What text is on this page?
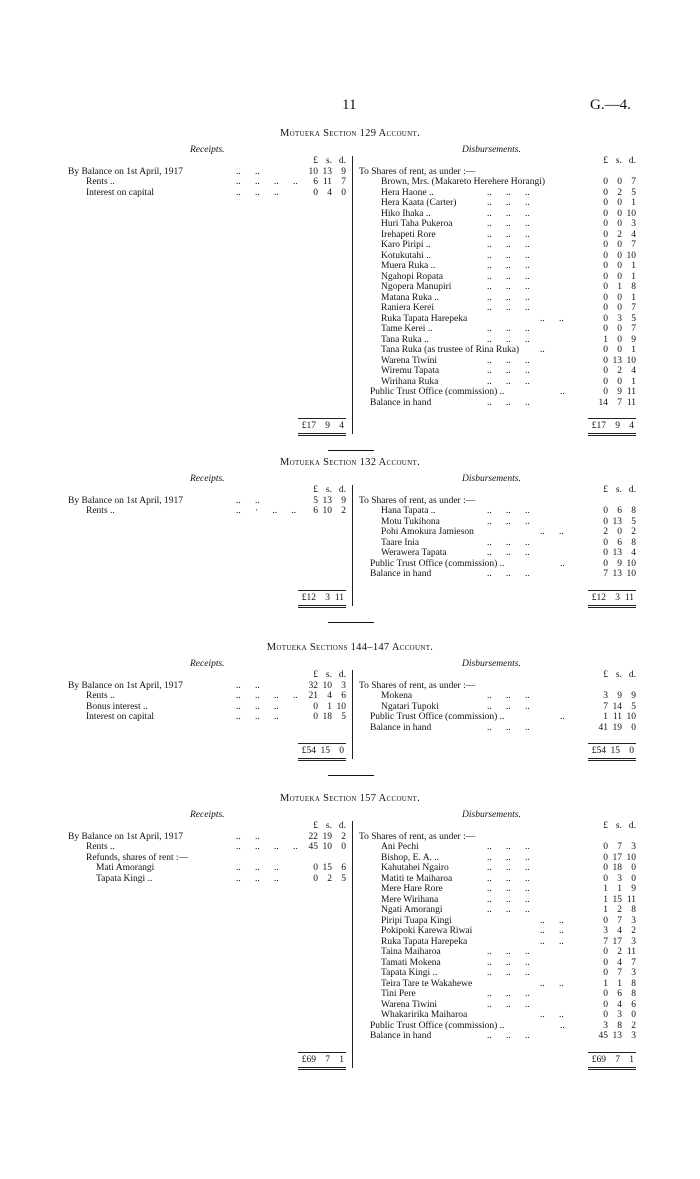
11	G.—4.
Motueka Section 129 Account.
Receipts.	Disbursements.
£ s. d.	£ s. d.
By Balance on 1st April, 1917	..      ..	10 13 9
Rents ..	..      ..      ..      ..	6 11 7
Interest on capital	..      ..      ..	0 4 0
To Shares of rent, as under :—
Brown, Mrs. (Makareto Herehere Horangi)	0 0 7
Hera Haone ..	..      ..      ..	0 2 5
Hera Kaata (Carter)	..      ..      ..	0 0 1
Hiko Ihaka ..	..      ..      ..	0 0 10
Huri Taha Pukeroa	..      ..      ..	0 0 3
Irehapeti Rore	..      ..      ..	0 2 4
Karo Piripi ..	..      ..      ..	0 0 7
Kotukutahi ..	..      ..      ..	0 0 10
Muera Ruka ..	..      ..      ..	0 0 1
Ngahopi Ropata	..      ..      ..	0 0 1
Ngopera Manupiri	..      ..      ..	0 1 8
Matana Ruka ..	..      ..      ..	0 0 1
Raniera Kerei	..      ..      ..	0 0 7
Ruka Tapata Harepeka	..      ..	0 3 5
Tame Kerei ..	..      ..      ..	0 0 7
Tana Ruka ..	..      ..      ..	1 0 9
Tana Ruka (as trustee of Rina Ruka) ..	0 0 1
Warena Tiwini	..      ..      ..	0 13 10
Wiremu Tapata	..      ..      ..	0 2 4
Wirihana Ruka	..      ..      ..	0 0 1
Public Trust Office (commission) ..	..	0 9 11
Balance in hand	..      ..      ..	14 7 11
£17 9 4	£17 9 4
Motueka Section 132 Account.
Receipts.	Disbursements.
£ s. d.	£ s. d.
By Balance on 1st April, 1917	..      ..	5 13 9
Rents ..	..      ·      ..      ..	6 10 2
To Shares of rent, as under :—
Hana Tapata ..	..      ..      ..	0 6 8
Motu Tukihona	..      ..      ..	0 13 5
Pohi Amokura Jamieson	..      ..	2 0 2
Taare Inia	..      ..      ..	0 6 8
Werawera Tapata	..      ..      ..	0 13 4
Public Trust Office (commission) ..	..	0 9 10
Balance in hand	..      ..      ..	7 13 10
£12 3 11	£12 3 11
Motueka Sections 144–147 Account.
Receipts.	Disbursements.
£ s. d.	£ s. d.
By Balance on 1st April, 1917	..      ..	32 10 3
Rents ..	..      ..      ..      ..	21 4 6
Bonus interest ..	..      ..      ..	0 1 10
Interest on capital	..      ..      ..	0 18 5
To Shares of rent, as under :—
Mokena	..      ..      ..	3 9 9
Ngatari Tupoki	..      ..      ..	7 14 5
Public Trust Office (commission) ..	..	1 11 10
Balance in hand	..      ..      ..	41 19 0
£54 15 0	£54 15 0
Motueka Section 157 Account.
Receipts.	Disbursements.
£ s. d.	£ s. d.
By Balance on 1st April, 1917	..      ..	22 19 2
Rents ..	..      ..      ..      ..	45 10 0
Refunds, shares of rent :—
Mati Amorangi	..      ..      ..	0 15 6
Tapata Kingi ..	..      ..      ..	0 2 5
To Shares of rent, as under :—
Ani Pechi	..      ..      ..	0 7 3
Bishop, E. A. ..	..      ..      ..	0 17 10
Kahutahei Ngairo	..      ..      ..	0 18 0
Matiti te Maiharoa	..      ..      ..	0 3 0
Mere Hare Rore	..      ..      ..	1 1 9
Mere Wirihana	..      ..      ..	1 15 11
Ngati Amorangi	..      ..      ..	1 2 8
Piripi Tuapa Kingi	..      ..	0 7 3
Pokipoki Karewa Riwai	..      ..	3 4 2
Ruka Tapata Harepeka	..      ..	7 17 3
Taina Maiharoa	..      ..      ..	0 2 11
Tamati Mokena	..      ..      ..	0 4 7
Tapata Kingi ..	..      ..      ..	0 7 3
Teira Tare te Wakahewe	..      ..	1 1 8
Tini Pere	..      ..      ..	0 6 8
Warena Tiwini	..      ..      ..	0 4 6
Whakaririka Maiharoa	..      ..	0 3 0
Public Trust Office (commission) ..	..	3 8 2
Balance in hand	..      ..      ..	45 13 3
£69 7 1	£69 7 1
